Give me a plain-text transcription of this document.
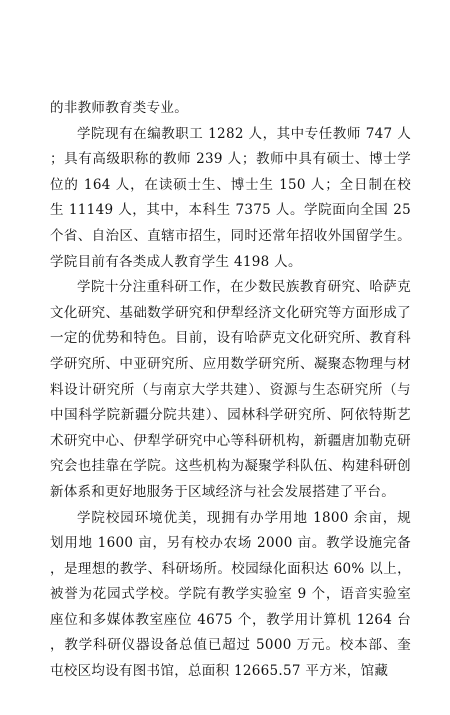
的非教师教育类专业。

学院现有在编教职工 1282 人，其中专任教师 747 人；具有高级职称的教师 239 人；教师中具有硕士、博士学位的 164 人，在读硕士生、博士生 150 人；全日制在校生 11149 人，其中，本科生 7375 人。学院面向全国 25 个省、自治区、直辖市招生，同时还常年招收外国留学生。学院目前有各类成人教育学生 4198 人。

学院十分注重科研工作，在少数民族教育研究、哈萨克文化研究、基础数学研究和伊犁经济文化研究等方面形成了一定的优势和特色。目前，设有哈萨克文化研究所、教育科学研究所、中亚研究所、应用数学研究所、凝聚态物理与材料设计研究所（与南京大学共建）、资源与生态研究所（与中国科学院新疆分院共建）、园林科学研究所、阿依特斯艺术研究中心、伊犁学研究中心等科研机构，新疆唐加勒克研究会也挂靠在学院。这些机构为凝聚学科队伍、构建科研创新体系和更好地服务于区域经济与社会发展搭建了平台。

学院校园环境优美，现拥有办学用地 1800 余亩，规划用地 1600 亩，另有校办农场 2000 亩。教学设施完备，是理想的教学、科研场所。校园绿化面积达 60% 以上，被誉为花园式学校。学院有教学实验室 9 个，语音实验室座位和多媒体教室座位 4675 个，教学用计算机 1264 台，教学科研仪器设备总值已超过 5000 万元。校本部、奎屯校区均设有图书馆，总面积 12665.57 平方米，馆藏
